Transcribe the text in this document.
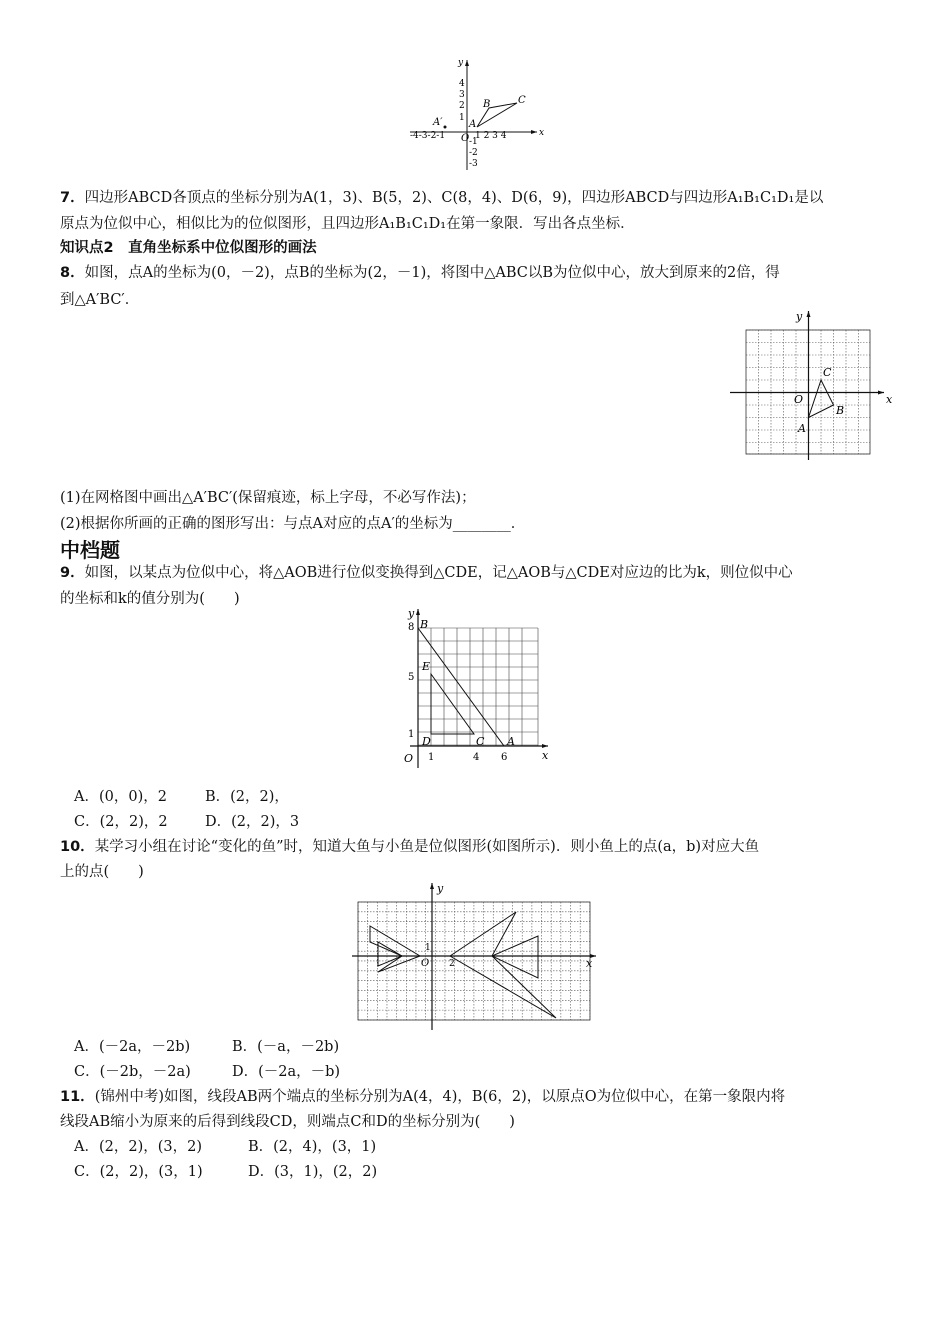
x
y
4
3
2
1
-1
-2
-3
-4-3-2-1	1 2 3 4
O
A
B	C
A′
7．四边形ABCD各顶点的坐标分别为A(1，3)、B(5，2)、C(8，4)、D(6，9)，四边形ABCD与四边形A₁B₁C₁D₁是以
原点为位似中心，相似比为的位似图形，且四边形A₁B₁C₁D₁在第一象限．写出各点坐标．
知识点2　直角坐标系中位似图形的画法
8．如图，点A的坐标为(0，－2)，点B的坐标为(2，－1)，将图中△ABC以B为位似中心，放大到原来的2倍，得
到△A′BC′．
x
y
O
A
B
C
(1)在网格图中画出△A′BC′(保留痕迹，标上字母，不必写作法)；
(2)根据你所画的正确的图形写出：与点A对应的点A′的坐标为________．
中档题
9．如图，以某点为位似中心，将△AOB进行位似变换得到△CDE，记△AOB与△CDE对应边的比为k，则位似中心
的坐标和k的值分别为(　　)
x
y
O
8
5
1
1	4 6
B
E
D	C A
A．(0，0)，2	B．(2，2)，
C．(2，2)，2	D．(2，2)，3
10．某学习小组在讨论“变化的鱼”时，知道大鱼与小鱼是位似图形(如图所示)．则小鱼上的点(a，b)对应大鱼
上的点(　　)
x
y
O
1
2
A．(－2a，－2b)	B．(－a，－2b)
C．(－2b，－2a)	D．(－2a，－b)
11．(锦州中考)如图，线段AB两个端点的坐标分别为A(4，4)，B(6，2)，以原点O为位似中心，在第一象限内将
线段AB缩小为原来的后得到线段CD，则端点C和D的坐标分别为(　　)
A．(2，2)，(3，2)	B．(2，4)，(3，1)
C．(2，2)，(3，1)	D．(3，1)，(2，2)
